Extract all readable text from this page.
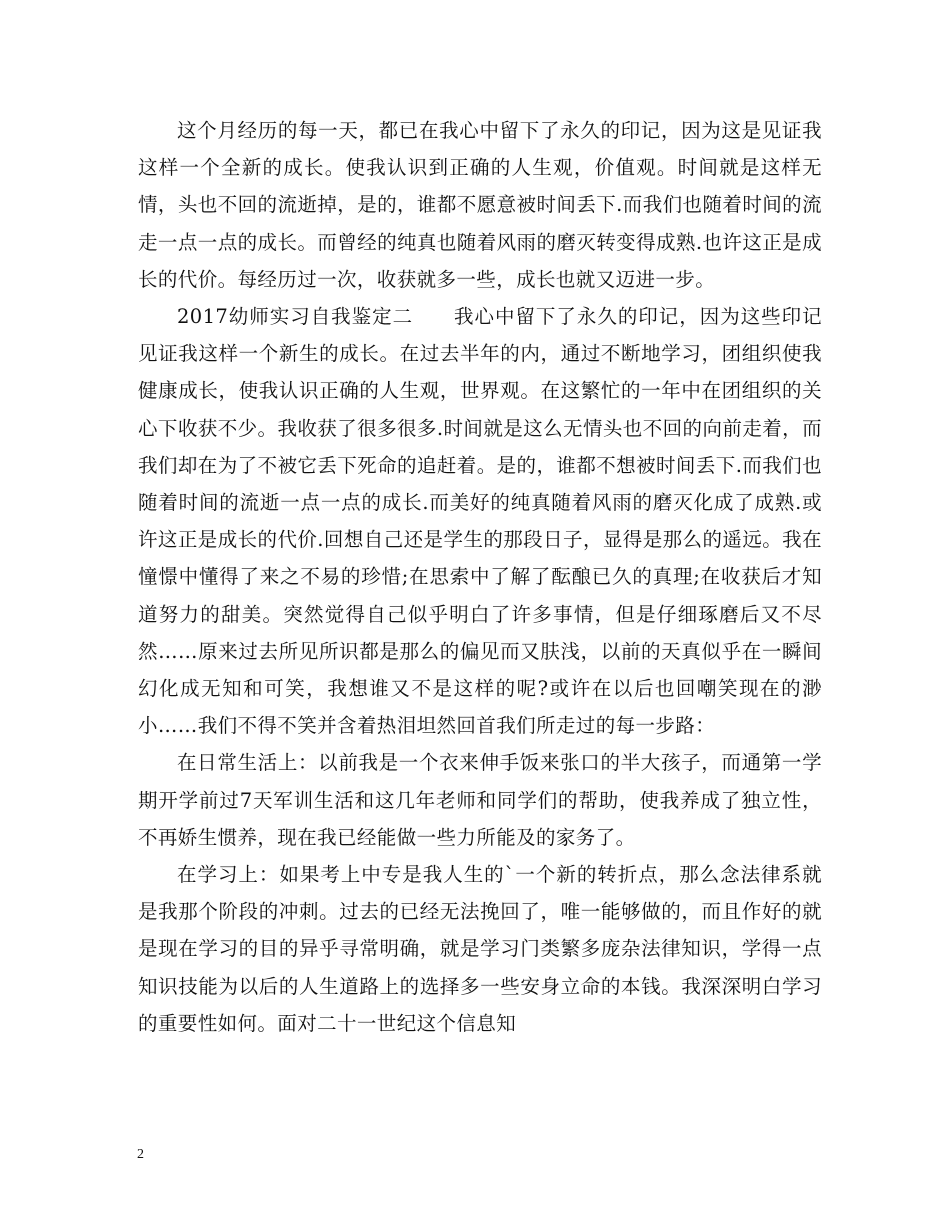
这个月经历的每一天，都已在我心中留下了永久的印记，因为这是见证我这样一个全新的成长。使我认识到正确的人生观，价值观。时间就是这样无情，头也不回的流逝掉，是的，谁都不愿意被时间丢下.而我们也随着时间的流走一点一点的成长。而曾经的纯真也随着风雨的磨灭转变得成熟.也许这正是成长的代价。每经历过一次，收获就多一些，成长也就又迈进一步。

2017幼师实习自我鉴定二　　我心中留下了永久的印记，因为这些印记见证我这样一个新生的成长。在过去半年的内，通过不断地学习，团组织使我健康成长，使我认识正确的人生观，世界观。在这繁忙的一年中在团组织的关心下收获不少。我收获了很多很多.时间就是这么无情头也不回的向前走着，而我们却在为了不被它丢下死命的追赶着。是的，谁都不想被时间丢下.而我们也随着时间的流逝一点一点的成长.而美好的纯真随着风雨的磨灭化成了成熟.或许这正是成长的代价.回想自己还是学生的那段日子，显得是那么的遥远。我在憧憬中懂得了来之不易的珍惜;在思索中了解了酝酿已久的真理;在收获后才知道努力的甜美。突然觉得自己似乎明白了许多事情，但是仔细琢磨后又不尽然……原来过去所见所识都是那么的偏见而又肤浅，以前的天真似乎在一瞬间幻化成无知和可笑，我想谁又不是这样的呢?或许在以后也回嘲笑现在的渺小……我们不得不笑并含着热泪坦然回首我们所走过的每一步路：

在日常生活上：以前我是一个衣来伸手饭来张口的半大孩子，而通第一学期开学前过7天军训生活和这几年老师和同学们的帮助，使我养成了独立性，不再娇生惯养，现在我已经能做一些力所能及的家务了。

在学习上：如果考上中专是我人生的`一个新的转折点，那么念法律系就是我那个阶段的冲刺。过去的已经无法挽回了，唯一能够做的，而且作好的就是现在学习的目的异乎寻常明确，就是学习门类繁多庞杂法律知识，学得一点知识技能为以后的人生道路上的选择多一些安身立命的本钱。我深深明白学习的重要性如何。面对二十一世纪这个信息知

2
